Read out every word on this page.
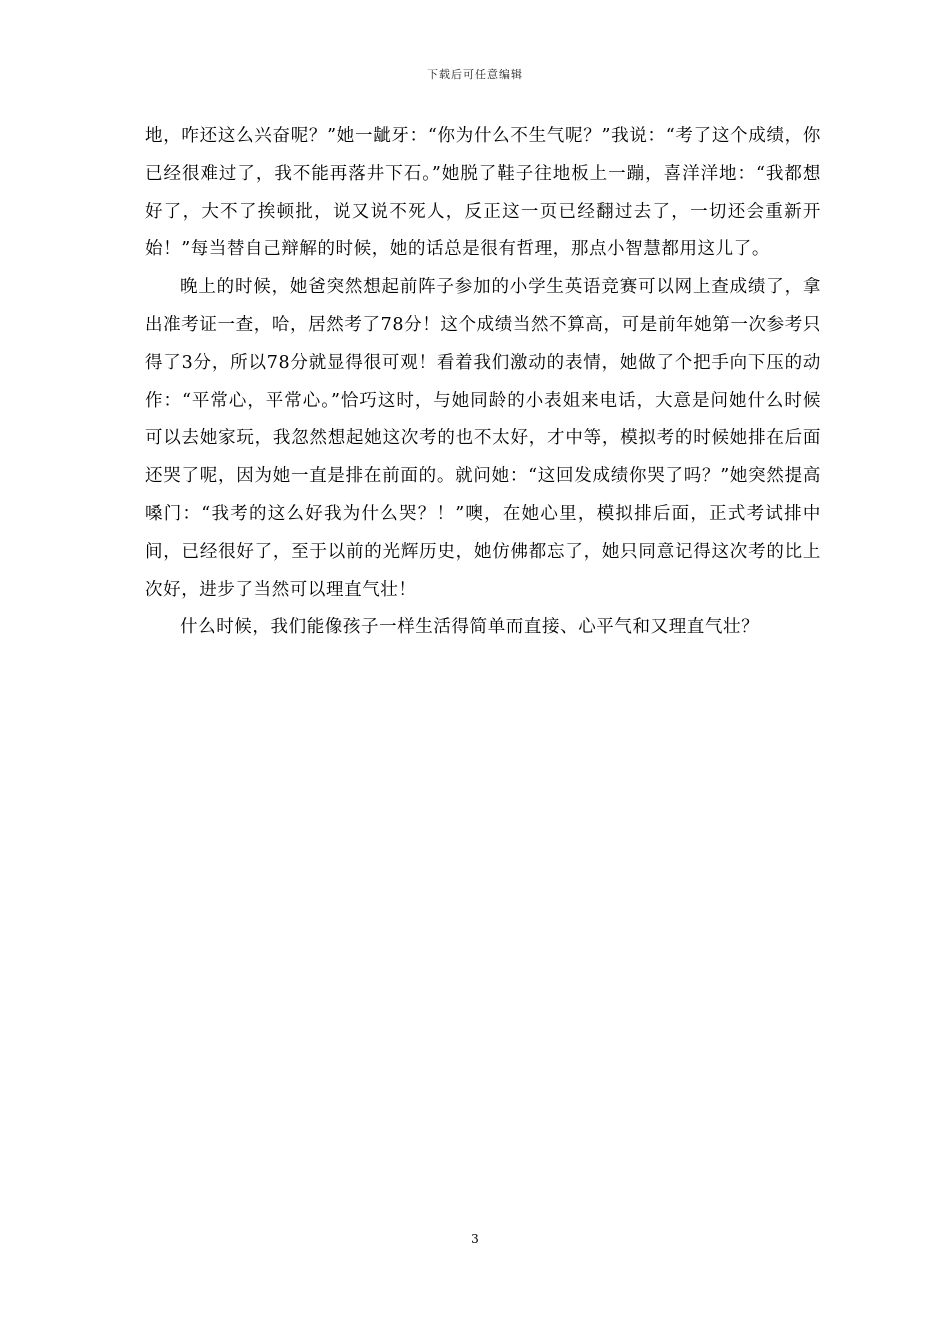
下载后可任意编辑

地，咋还这么兴奋呢？”她一龇牙：“你为什么不生气呢？”我说：“考了这个成绩，你已经很难过了，我不能再落井下石。”她脱了鞋子往地板上一蹦，喜洋洋地：“我都想好了，大不了挨顿批，说又说不死人，反正这一页已经翻过去了，一切还会重新开始！”每当替自己辩解的时候，她的话总是很有哲理，那点小智慧都用这儿了。

晚上的时候，她爸突然想起前阵子参加的小学生英语竞赛可以网上查成绩了，拿出准考证一查，哈，居然考了78分！这个成绩当然不算高，可是前年她第一次参考只得了3分，所以78分就显得很可观！看着我们激动的表情，她做了个把手向下压的动作：“平常心，平常心。”恰巧这时，与她同龄的小表姐来电话，大意是问她什么时候可以去她家玩，我忽然想起她这次考的也不太好，才中等，模拟考的时候她排在后面还哭了呢，因为她一直是排在前面的。就问她：“这回发成绩你哭了吗？”她突然提高嗓门：“我考的这么好我为什么哭？！”噢，在她心里，模拟排后面，正式考试排中间，已经很好了，至于以前的光辉历史，她仿佛都忘了，她只同意记得这次考的比上次好，进步了当然可以理直气壮！

什么时候，我们能像孩子一样生活得简单而直接、心平气和又理直气壮？

3
